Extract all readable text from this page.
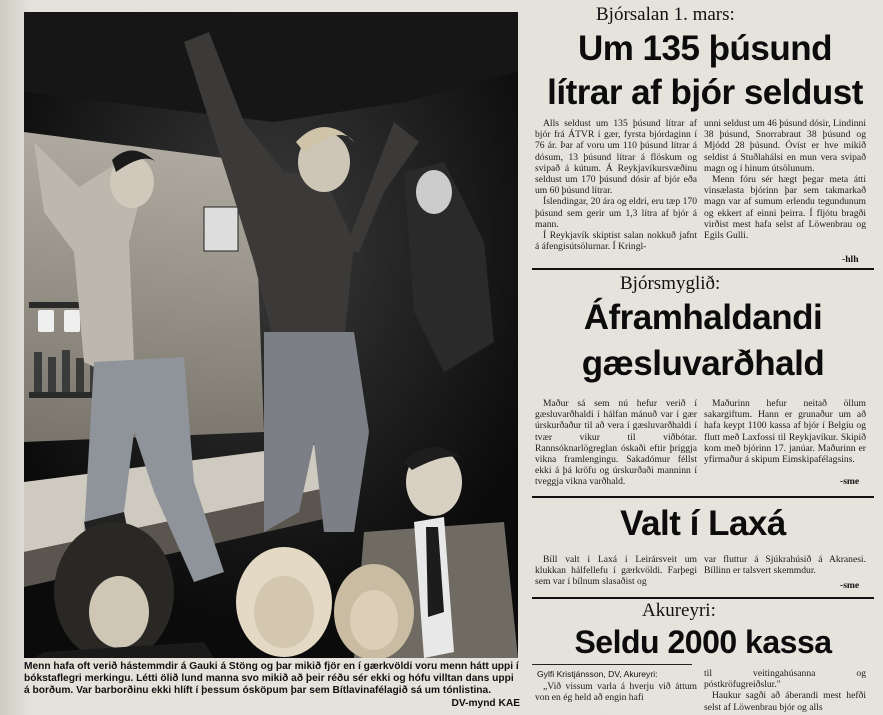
Menn hafa oft verið hástemmdir á Gauki á Stöng og þar mikið fjör en í gærkvöldi voru menn hátt uppi í bókstaflegri merkingu. Létti ölið lund manna svo mikið að þeir réðu sér ekki og hófu villtan dans uppi á borðum. Var barborðinu ekki hlíft í þessum ósköpum þar sem Bítlavinafélagið sá um tónlistina.
DV-mynd KAE
Bjórsalan 1. mars:
Um 135 þúsund
lítrar af bjór seldust

Alls seldust um 135 þúsund lítrar af bjór frá ÁTVR í gær, fyrsta bjórdaginn í 76 ár. Þar af voru um 110 þúsund lítrar á dósum, 13 þúsund lítrar á flöskum og svipað á kútum. Á Reykjavíkursvæðinu seldust um 170 þúsund dósir af bjór eða um 60 þúsund lítrar.

Íslendingar, 20 ára og eldri, eru tæp 170 þúsund sem gerir um 1,3 lítra af bjór á mann.

Í Reykjavík skiptist salan nokkuð jafnt á áfengisútsölurnar. Í Kringl-

unni seldust um 46 þúsund dósir, Lindinni 38 þúsund, Snorrabraut 38 þúsund og Mjódd 28 þúsund. Óvíst er hve mikið seldist á Stuðlahálsi en mun vera svipað magn og í hinum útsölunum.

Menn fóru sér hægt þegar meta átti vinsælasta bjórinn þar sem takmarkað magn var af sumum erlendu tegundunum og ekkert af einni þeirra. Í fljótu bragði virðist mest hafa selst af Löwenbrau og Egils Gulli.

-hlh
Bjórsmyglið:
Áframhaldandi
gæsluvarðhald

Maður sá sem nú hefur verið í gæsluvarðhaldi í hálfan mánuð var í gær úrskurðaður til að vera í gæsluvarðhaldi í tvær vikur til viðbótar. Rannsóknarlögreglan óskaði eftir þriggja vikna framlengingu. Sakadómur féllst ekki á þá kröfu og úrskurðaði manninn í tveggja vikna varðhald.

Maðurinn hefur neitað öllum sakargiftum. Hann er grunaður um að hafa keypt 1100 kassa af bjór í Belgíu og flutt með Laxfossi til Reykjavíkur. Skipið kom með bjórinn 17. janúar. Maðurinn er yfirmaður á skipum Eimskipafélagsins.

-sme
Valt í Laxá

Bíll valt í Laxá í Leirársveit um klukkan hálfellefu í gærkvöldi. Farþegi sem var í bílnum slasaðist og

var fluttur á Sjúkrahúsið á Akranesi. Bíllinn er talsvert skemmdur.

-sme
Akureyri:
Seldu 2000 kassa
Gylfi Kristjánsson, DV, Akureyri:

„Við vissum varla á hverju við áttum von en ég held að engin hafi

til veitingahúsanna og póstkröfugreiðslur."

Haukur sagði að áberandi mest hefði selst af Löwenbrau bjór og alls
